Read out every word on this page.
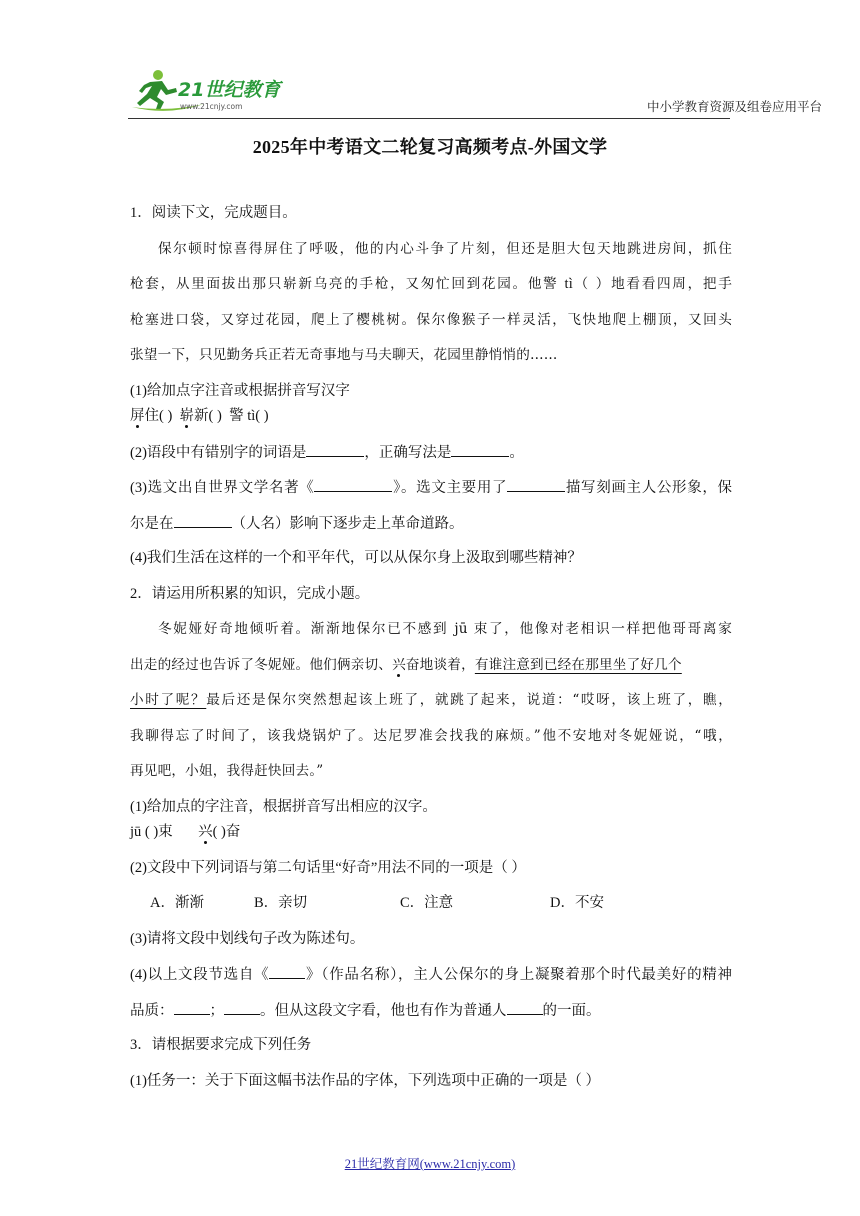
21世纪教育
www.21cnjy.com	中小学教育资源及组卷应用平台
2025年中考语文二轮复习高频考点-外国文学
1．阅读下文，完成题目。
保尔顿时惊喜得屏住了呼吸，他的内心斗争了片刻，但还是胆大包天地跳进房间，抓住
枪套，从里面拔出那只崭新乌亮的手枪，又匆忙回到花园。他警 tì（ ）地看看四周，把手
枪塞进口袋，又穿过花园，爬上了樱桃树。保尔像猴子一样灵活，飞快地爬上棚顶，又回头
张望一下，只见勤务兵正若无奇事地与马夫聊天，花园里静悄悄的……
(1)给加点字注音或根据拼音写汉字
屏住( ) 崭新( ) 警 tì( )
(2)语段中有错别字的词语是	，正确写法是	。
(3)选文出自世界文学名著《	》。选文主要用了	描写刻画主人公形象，保
尔是在	（人名）影响下逐步走上革命道路。
(4)我们生活在这样的一个和平年代，可以从保尔身上汲取到哪些精神？
2．请运用所积累的知识，完成小题。
冬妮娅好奇地倾听着。渐渐地保尔已不感到 jū 束了，他像对老相识一样把他哥哥离家
出走的经过也告诉了冬妮娅。他们俩亲切、兴奋地谈着，有谁注意到已经在那里坐了好几个
小时了呢？最后还是保尔突然想起该上班了，就跳了起来，说道：“哎呀，该上班了，瞧，
我聊得忘了时间了，该我烧锅炉了。达尼罗准会找我的麻烦。”他不安地对冬妮娅说，“哦，
再见吧，小姐，我得赶快回去。”
(1)给加点的字注音，根据拼音写出相应的汉字。
jū ( )束 兴( )奋
(2)文段中下列词语与第二句话里“好奇”用法不同的一项是（ ）
A．渐渐	B．亲切	C．注意	D．不安
(3)请将文段中划线句子改为陈述句。
(4)以上文段节选自《 》（作品名称），主人公保尔的身上凝聚着那个时代最美好的精神
品质： ； 。但从这段文字看，他也有作为普通人 的一面。
3．请根据要求完成下列任务
(1)任务一：关于下面这幅书法作品的字体，下列选项中正确的一项是（ ）
21世纪教育网(www.21cnjy.com)
